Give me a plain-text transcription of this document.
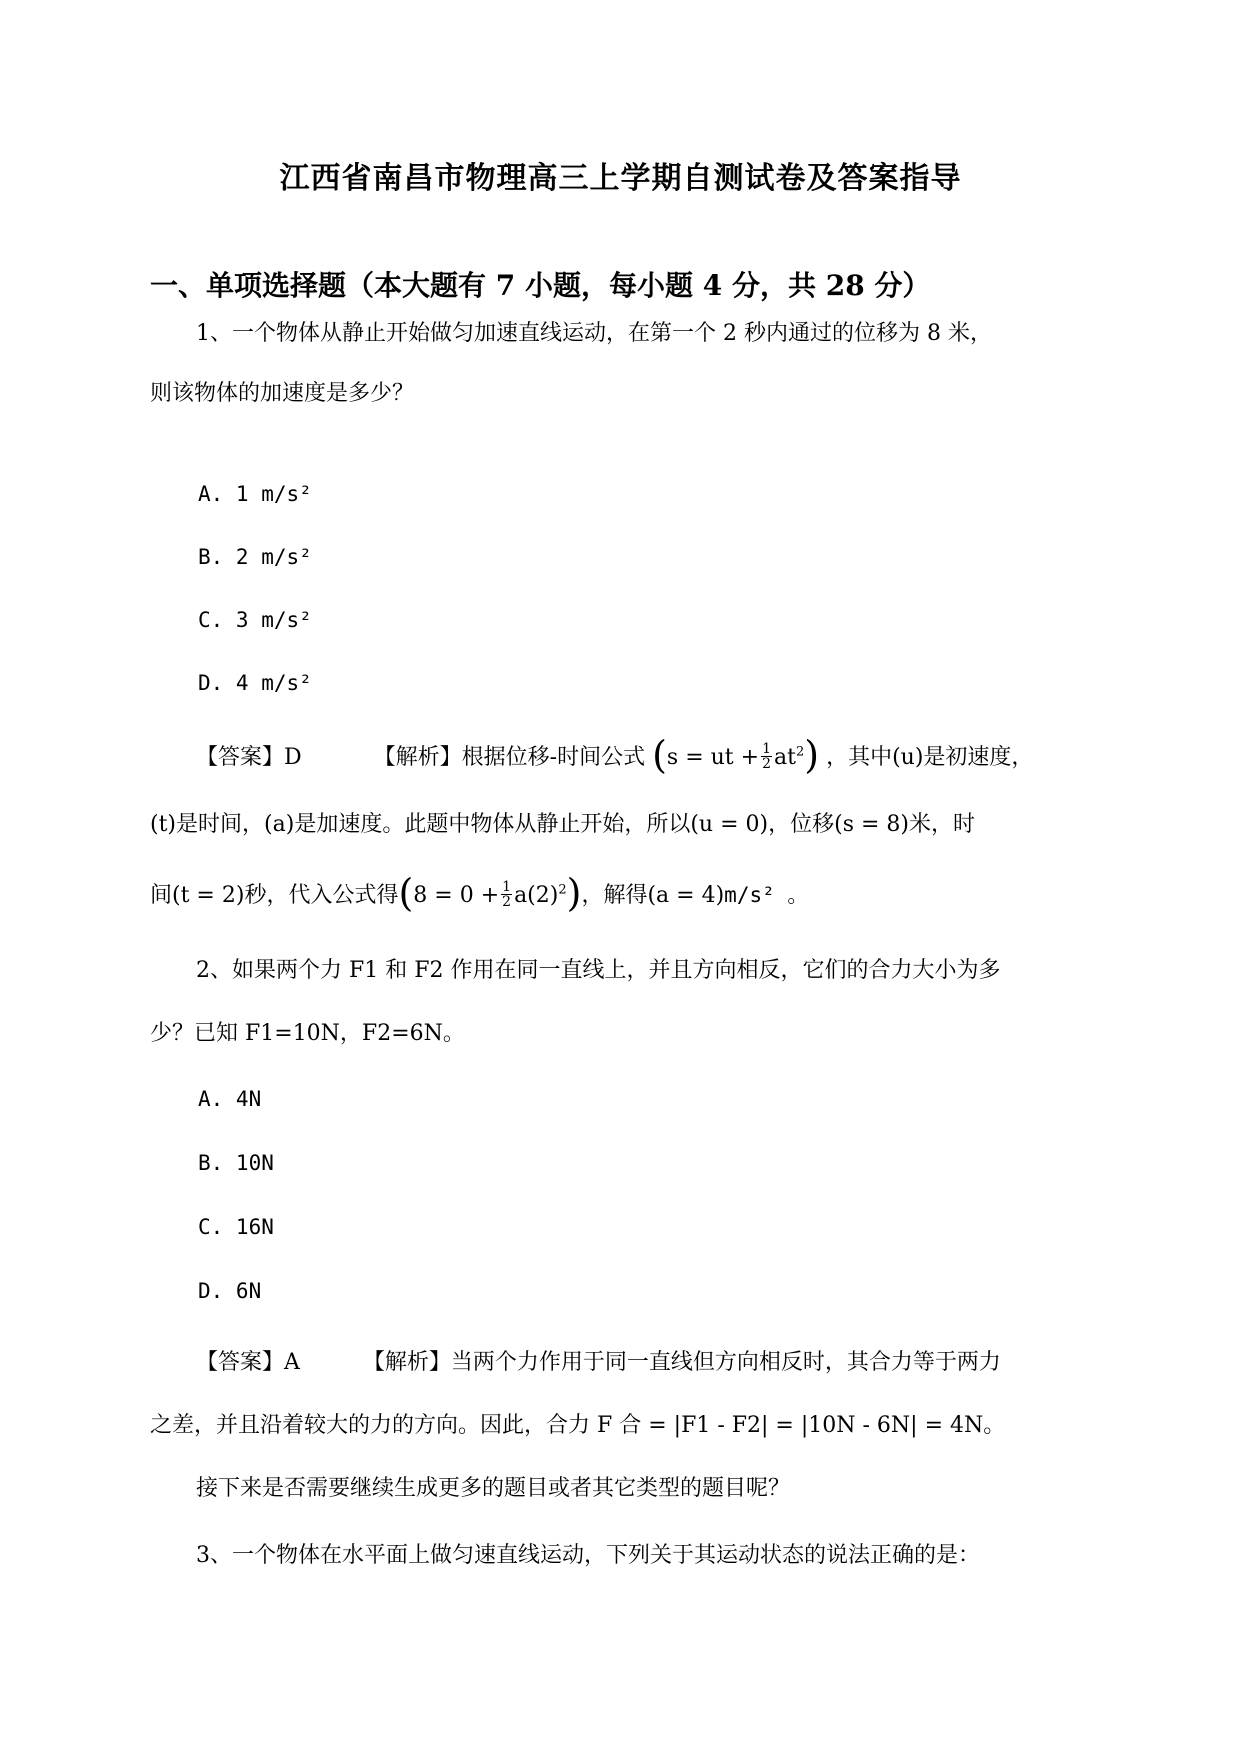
江西省南昌市物理高三上学期自测试卷及答案指导
一、单项选择题（本大题有 7 小题，每小题 4 分，共 28 分）
1、一个物体从静止开始做匀加速直线运动，在第一个 2 秒内通过的位移为 8 米，
则该物体的加速度是多少？
A. 1 m/s²
B. 2 m/s²
C. 3 m/s²
D. 4 m/s²
【答案】D	【解析】根据位移-时间公式 (s = ut + $\frac{1}{2} at^2$) ，其中(u)是初速度，
(t)是时间，(a)是加速度。此题中物体从静止开始，所以(u = 0)，位移(s = 8)米，时
间(t = 2)秒，代入公式得$(8 = 0 + \frac{1}{2} a(2)^2)$，解得(a = 4)m/s² 。
2、如果两个力 F1 和 F2 作用在同一直线上，并且方向相反，它们的合力大小为多
少？已知 F1=10N，F2=6N。
A. 4N
B. 10N
C. 16N
D. 6N
【答案】A         【解析】当两个力作用于同一直线但方向相反时，其合力等于两力
之差，并且沿着较大的力的方向。因此，合力 F 合 = |F1 - F2| = |10N - 6N| = 4N。
接下来是否需要继续生成更多的题目或者其它类型的题目呢？
3、一个物体在水平面上做匀速直线运动，下列关于其运动状态的说法正确的是：
